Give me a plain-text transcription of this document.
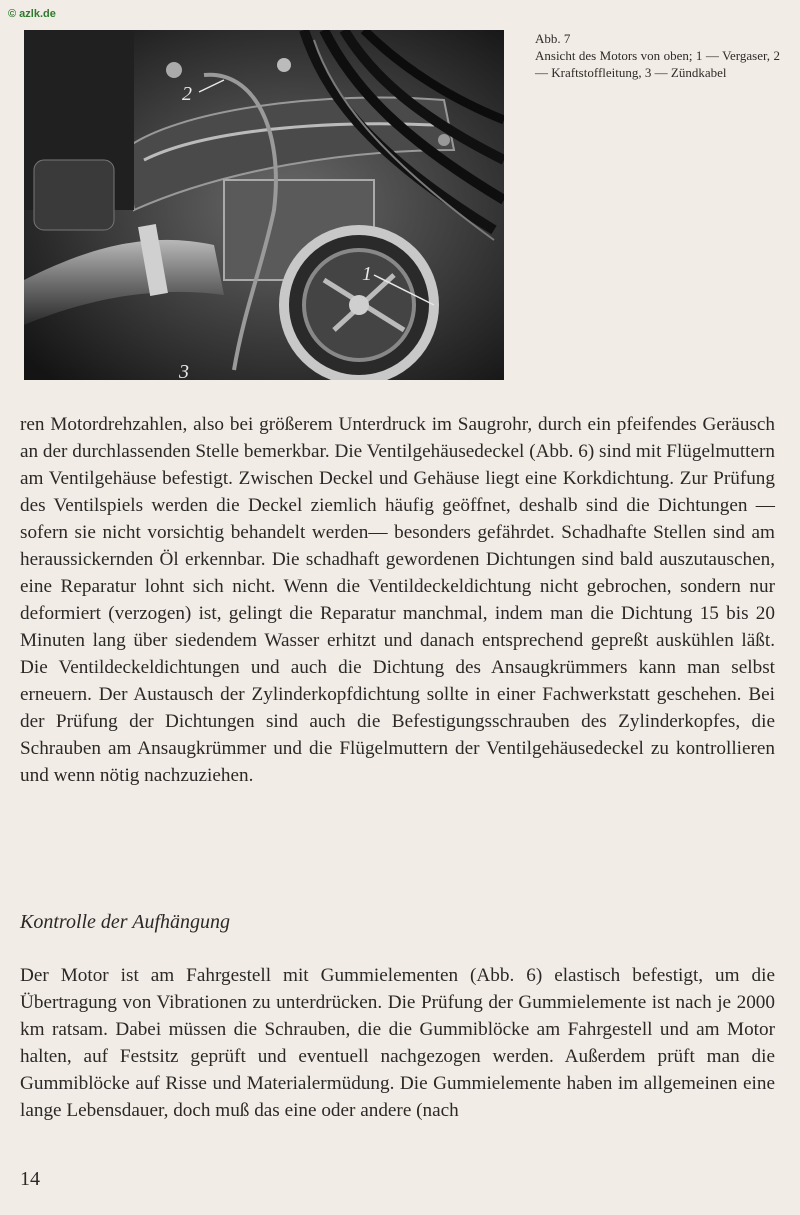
© azlk.de
1
2
3
Abb. 7
Ansicht des Motors von oben; 1 — Vergaser, 2 — Kraftstoffleitung, 3 — Zündkabel
ren Motordrehzahlen, also bei größerem Unterdruck im Saugrohr, durch ein pfeifendes Geräusch an der durchlassenden Stelle bemerkbar. Die Ventilgehäusedeckel (Abb. 6) sind mit Flügelmuttern am Ventilgehäuse befestigt. Zwischen Deckel und Gehäuse liegt eine Korkdichtung. Zur Prüfung des Ventilspiels werden die Deckel ziemlich häufig geöffnet, deshalb sind die Dichtungen — sofern sie nicht vorsichtig behandelt werden— besonders gefährdet. Schadhafte Stellen sind am heraussickernden Öl erkennbar. Die schadhaft gewordenen Dichtungen sind bald auszutauschen, eine Reparatur lohnt sich nicht. Wenn die Ventildeckeldichtung nicht gebrochen, sondern nur deformiert (verzogen) ist, gelingt die Reparatur manchmal, indem man die Dichtung 15 bis 20 Minuten lang über siedendem Wasser erhitzt und danach entsprechend gepreßt auskühlen läßt. Die Ventildeckeldichtungen und auch die Dichtung des Ansaugkrümmers kann man selbst erneuern. Der Austausch der Zylinderkopfdichtung sollte in einer Fachwerkstatt geschehen. Bei der Prüfung der Dichtungen sind auch die Befestigungsschrauben des Zylinderkopfes, die Schrauben am Ansaugkrümmer und die Flügelmuttern der Ventilgehäusedeckel zu kontrollieren und wenn nötig nachzuziehen.
Kontrolle der Aufhängung
Der Motor ist am Fahrgestell mit Gummielementen (Abb. 6) elastisch befestigt, um die Übertragung von Vibrationen zu unterdrücken. Die Prüfung der Gummielemente ist nach je 2000 km ratsam. Dabei müssen die Schrauben, die die Gummiblöcke am Fahrgestell und am Motor halten, auf Festsitz geprüft und eventuell nachgezogen werden. Außerdem prüft man die Gummiblöcke auf Risse und Materialermüdung. Die Gummielemente haben im allgemeinen eine lange Lebensdauer, doch muß das eine oder andere (nach
14
